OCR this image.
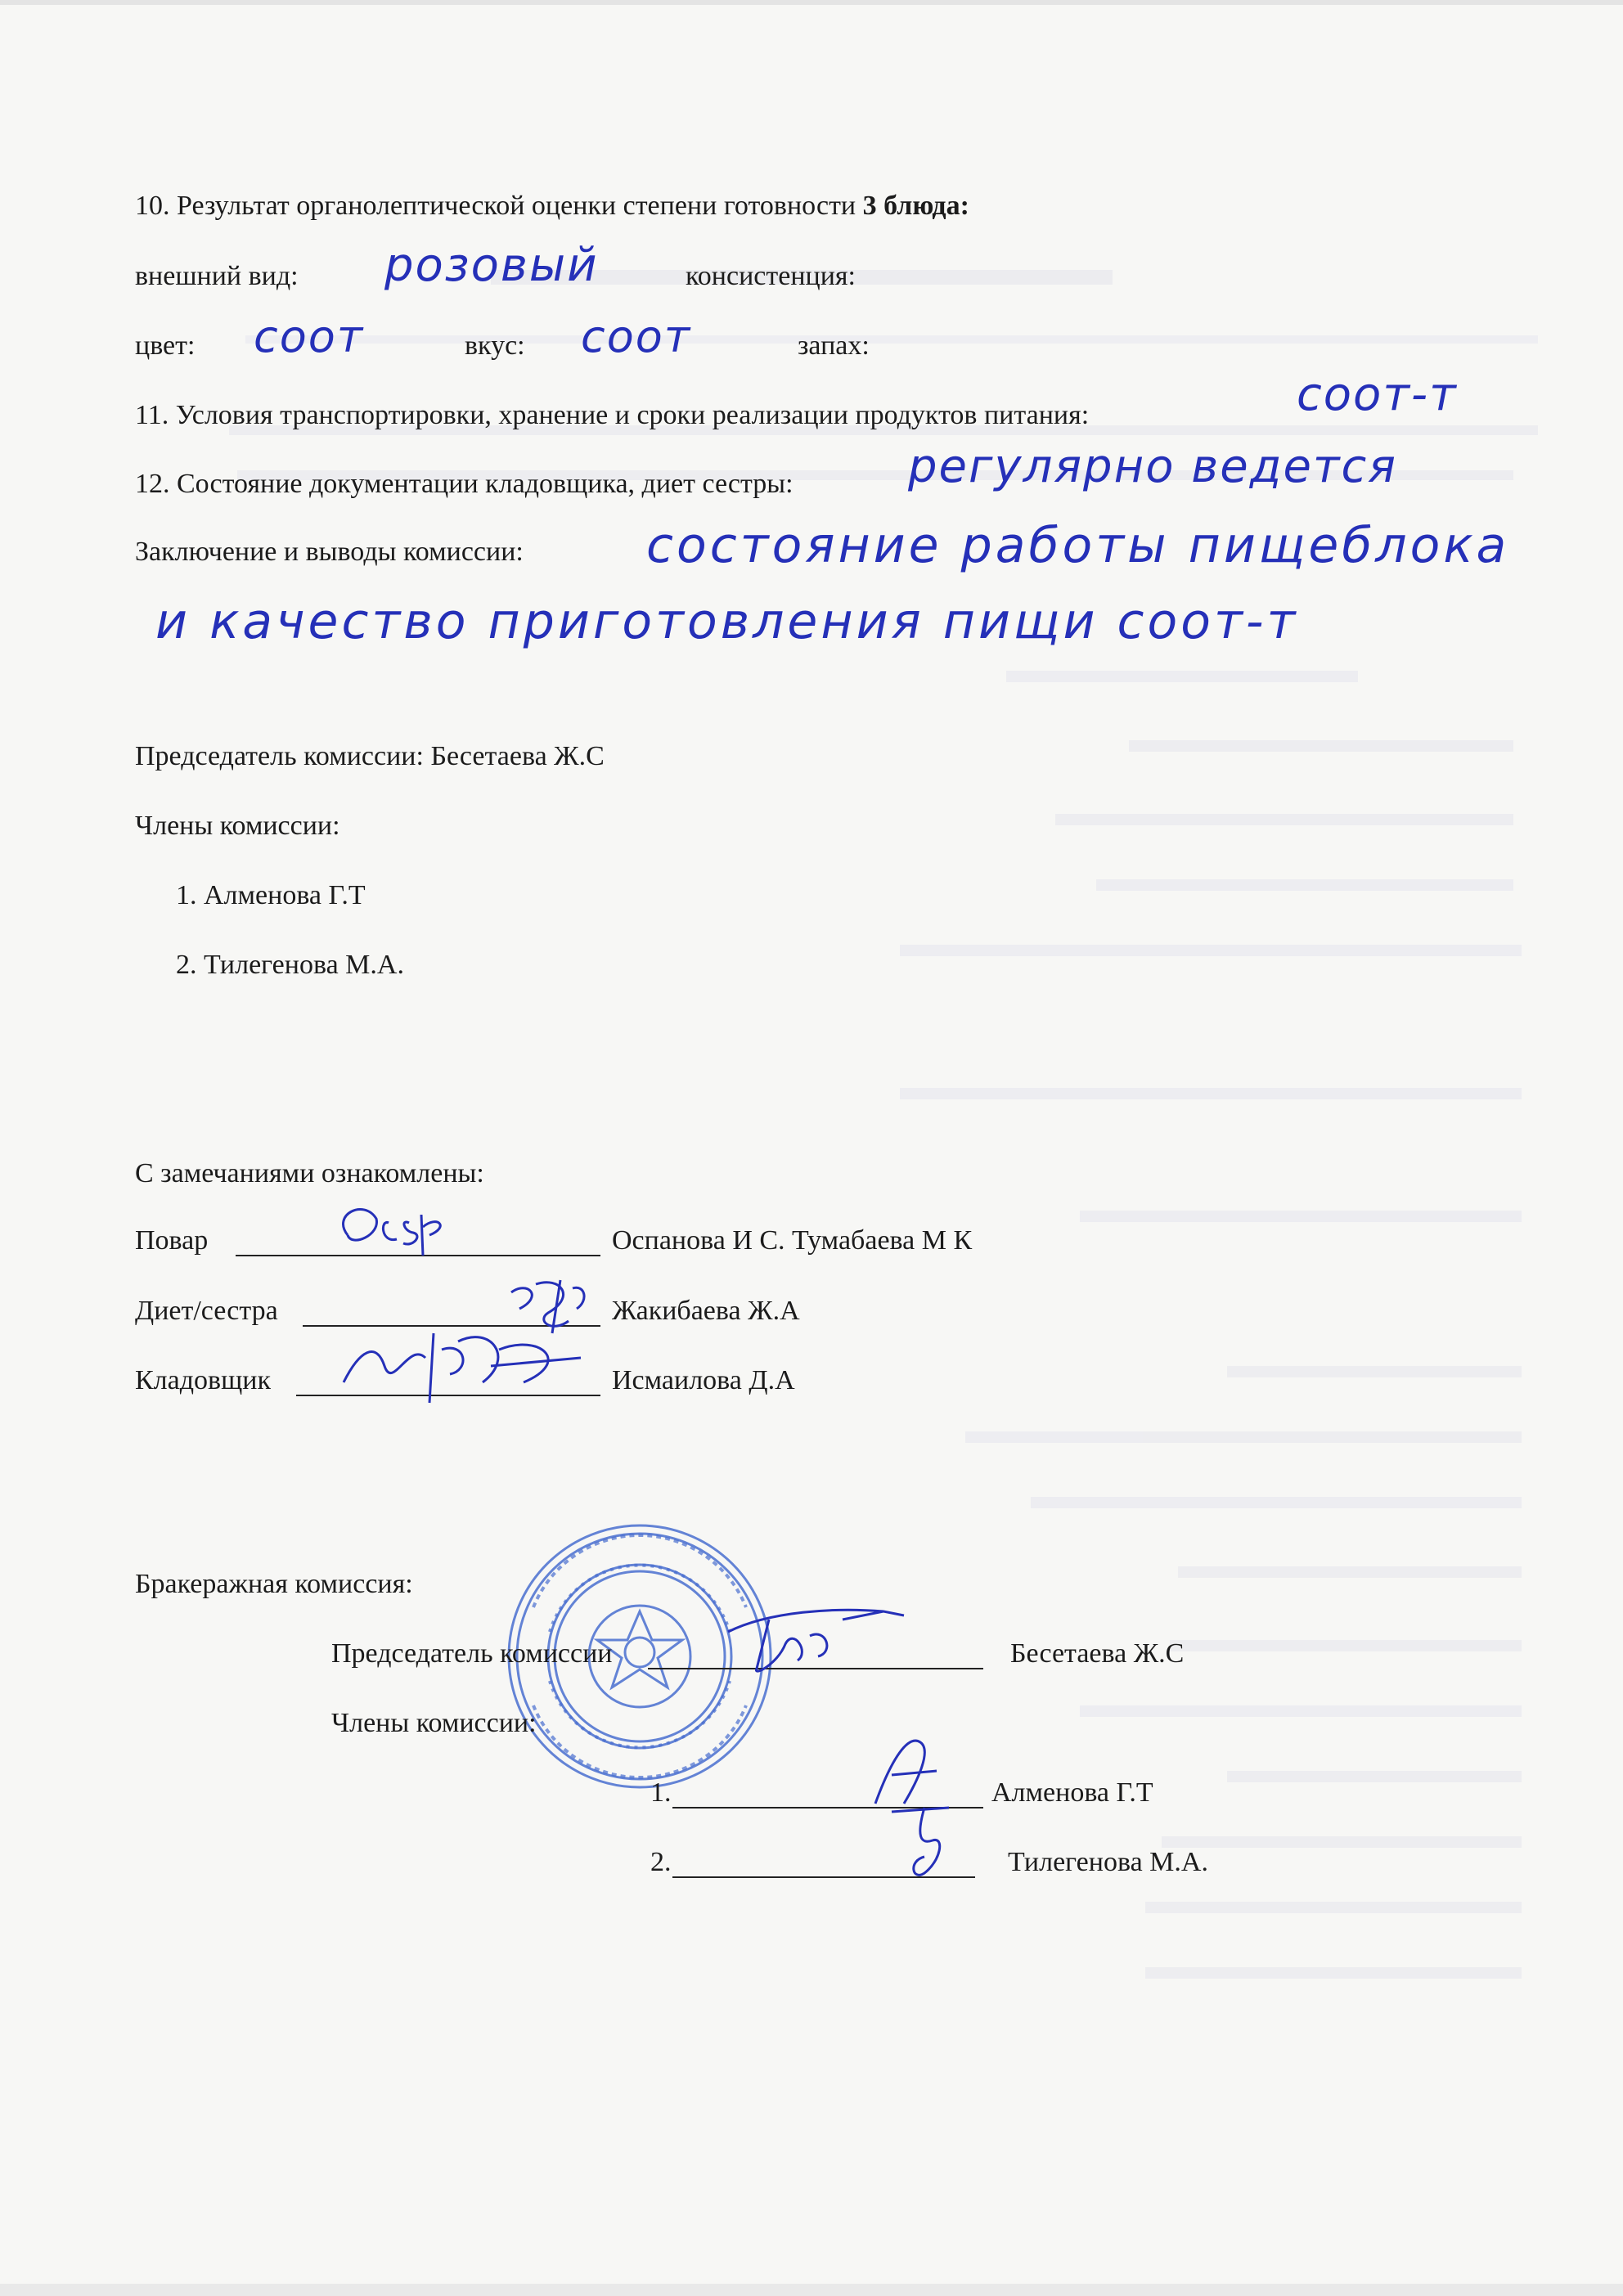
10. Результат органолептической оценки степени готовности 3 блюда:
внешний вид: розовый	консистенция:
цвет: соот	вкус: соот	запах:
11. Условия транспортировки, хранение и сроки реализации продуктов питания:	соот-т
12. Состояние документации кладовщика, диет сестры:	регулярно ведется
Заключение и выводы комиссии:	состояние работы пищеблока
и качество приготовления пищи соот-т
Председатель комиссии: Бесетаева Ж.С
Члены комиссии:
1. Алменова Г.Т
2. Тилегенова М.А.
С замечаниями ознакомлены:
Повар	Оспанова И С. Тумабаева М К
Диет/сестра	Жакибаева Ж.А
Кладовщик	Исмаилова Д.А
Бракеражная комиссия:
Председатель комиссии	Бесетаева Ж.С
Члены комиссии:
1.	Алменова Г.Т
2.	Тилегенова М.А.
